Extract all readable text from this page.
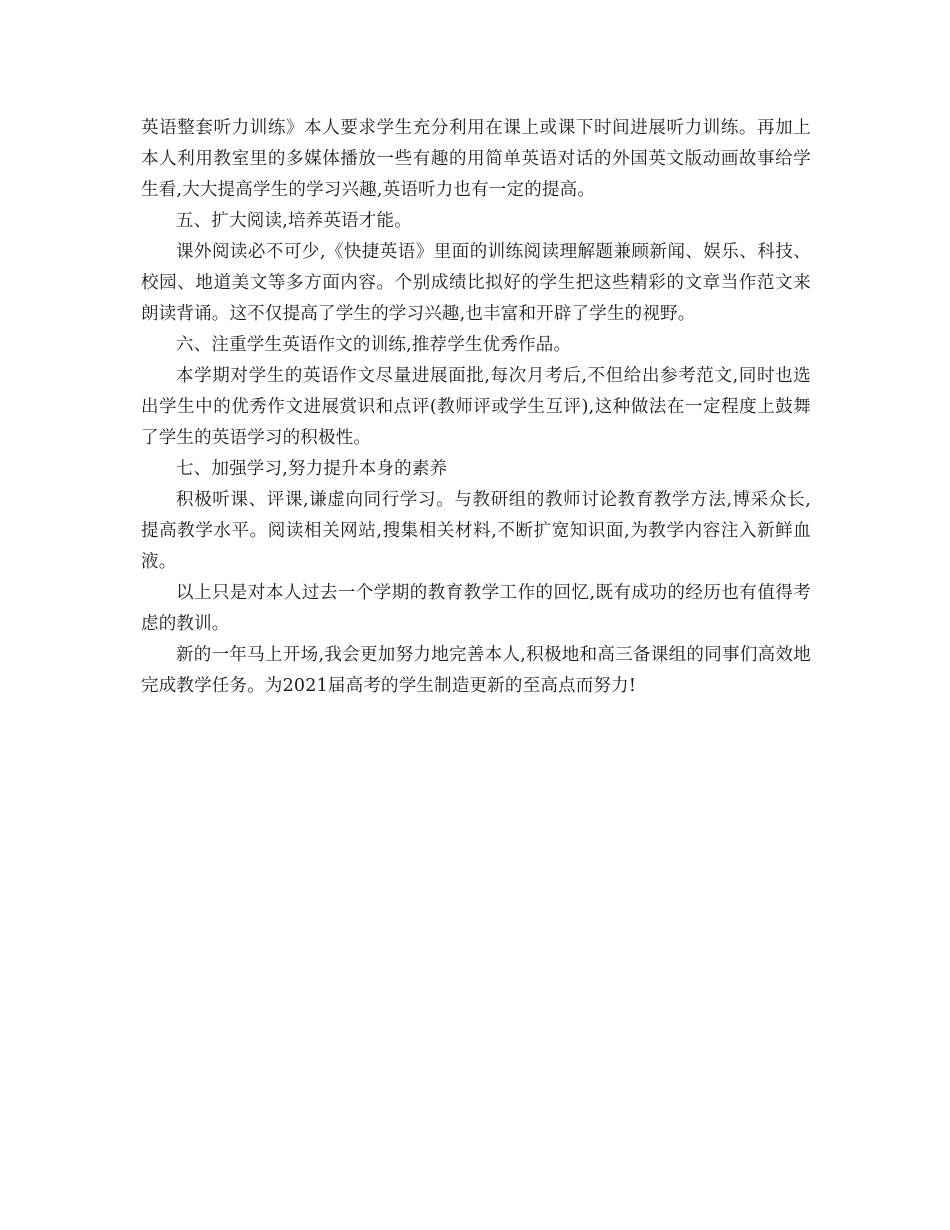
英语整套听力训练》本人要求学生充分利用在课上或课下时间进展听力训练。再加上本人利用教室里的多媒体播放一些有趣的用简单英语对话的外国英文版动画故事给学生看,大大提高学生的学习兴趣,英语听力也有一定的提高。

五、扩大阅读,培养英语才能。

课外阅读必不可少,《快捷英语》里面的训练阅读理解题兼顾新闻、娱乐、科技、校园、地道美文等多方面内容。个别成绩比拟好的学生把这些精彩的文章当作范文来朗读背诵。这不仅提高了学生的学习兴趣,也丰富和开辟了学生的视野。

六、注重学生英语作文的训练,推荐学生优秀作品。

本学期对学生的英语作文尽量进展面批,每次月考后,不但给出参考范文,同时也选出学生中的优秀作文进展赏识和点评(教师评或学生互评),这种做法在一定程度上鼓舞了学生的英语学习的积极性。

七、加强学习,努力提升本身的素养

积极听课、评课,谦虚向同行学习。与教研组的教师讨论教育教学方法,博采众长,提高教学水平。阅读相关网站,搜集相关材料,不断扩宽知识面,为教学内容注入新鲜血液。

以上只是对本人过去一个学期的教育教学工作的回忆,既有成功的经历也有值得考虑的教训。

新的一年马上开场,我会更加努力地完善本人,积极地和高三备课组的同事们高效地完成教学任务。为2021届高考的学生制造更新的至高点而努力!
